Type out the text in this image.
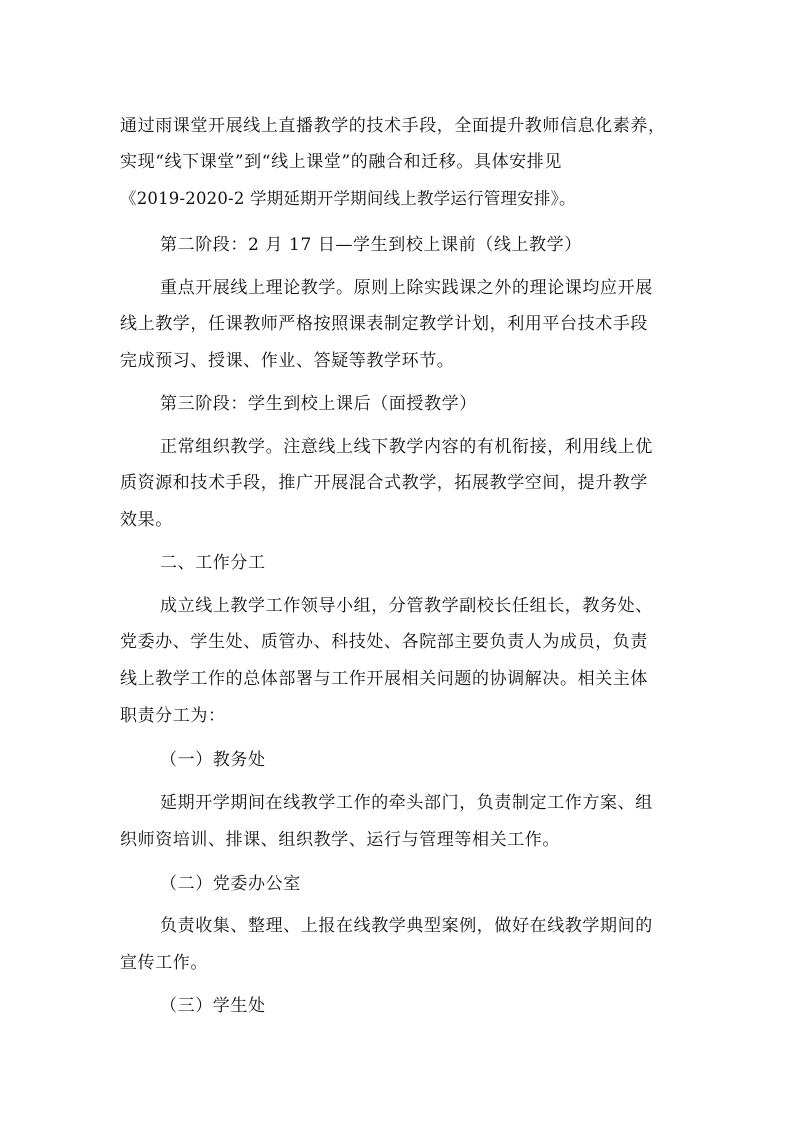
通过雨课堂开展线上直播教学的技术手段，全面提升教师信息化素养，
实现“线下课堂”到“线上课堂”的融合和迁移。具体安排见
《2019-2020-2 学期延期开学期间线上教学运行管理安排》。
第二阶段：2 月 17 日—学生到校上课前（线上教学）
重点开展线上理论教学。原则上除实践课之外的理论课均应开展
线上教学，任课教师严格按照课表制定教学计划，利用平台技术手段
完成预习、授课、作业、答疑等教学环节。
第三阶段：学生到校上课后（面授教学）
正常组织教学。注意线上线下教学内容的有机衔接，利用线上优
质资源和技术手段，推广开展混合式教学，拓展教学空间，提升教学
效果。
二、工作分工
成立线上教学工作领导小组，分管教学副校长任组长，教务处、
党委办、学生处、质管办、科技处、各院部主要负责人为成员，负责
线上教学工作的总体部署与工作开展相关问题的协调解决。相关主体
职责分工为：
（一）教务处
延期开学期间在线教学工作的牵头部门，负责制定工作方案、组
织师资培训、排课、组织教学、运行与管理等相关工作。
（二）党委办公室
负责收集、整理、上报在线教学典型案例，做好在线教学期间的
宣传工作。
（三）学生处
